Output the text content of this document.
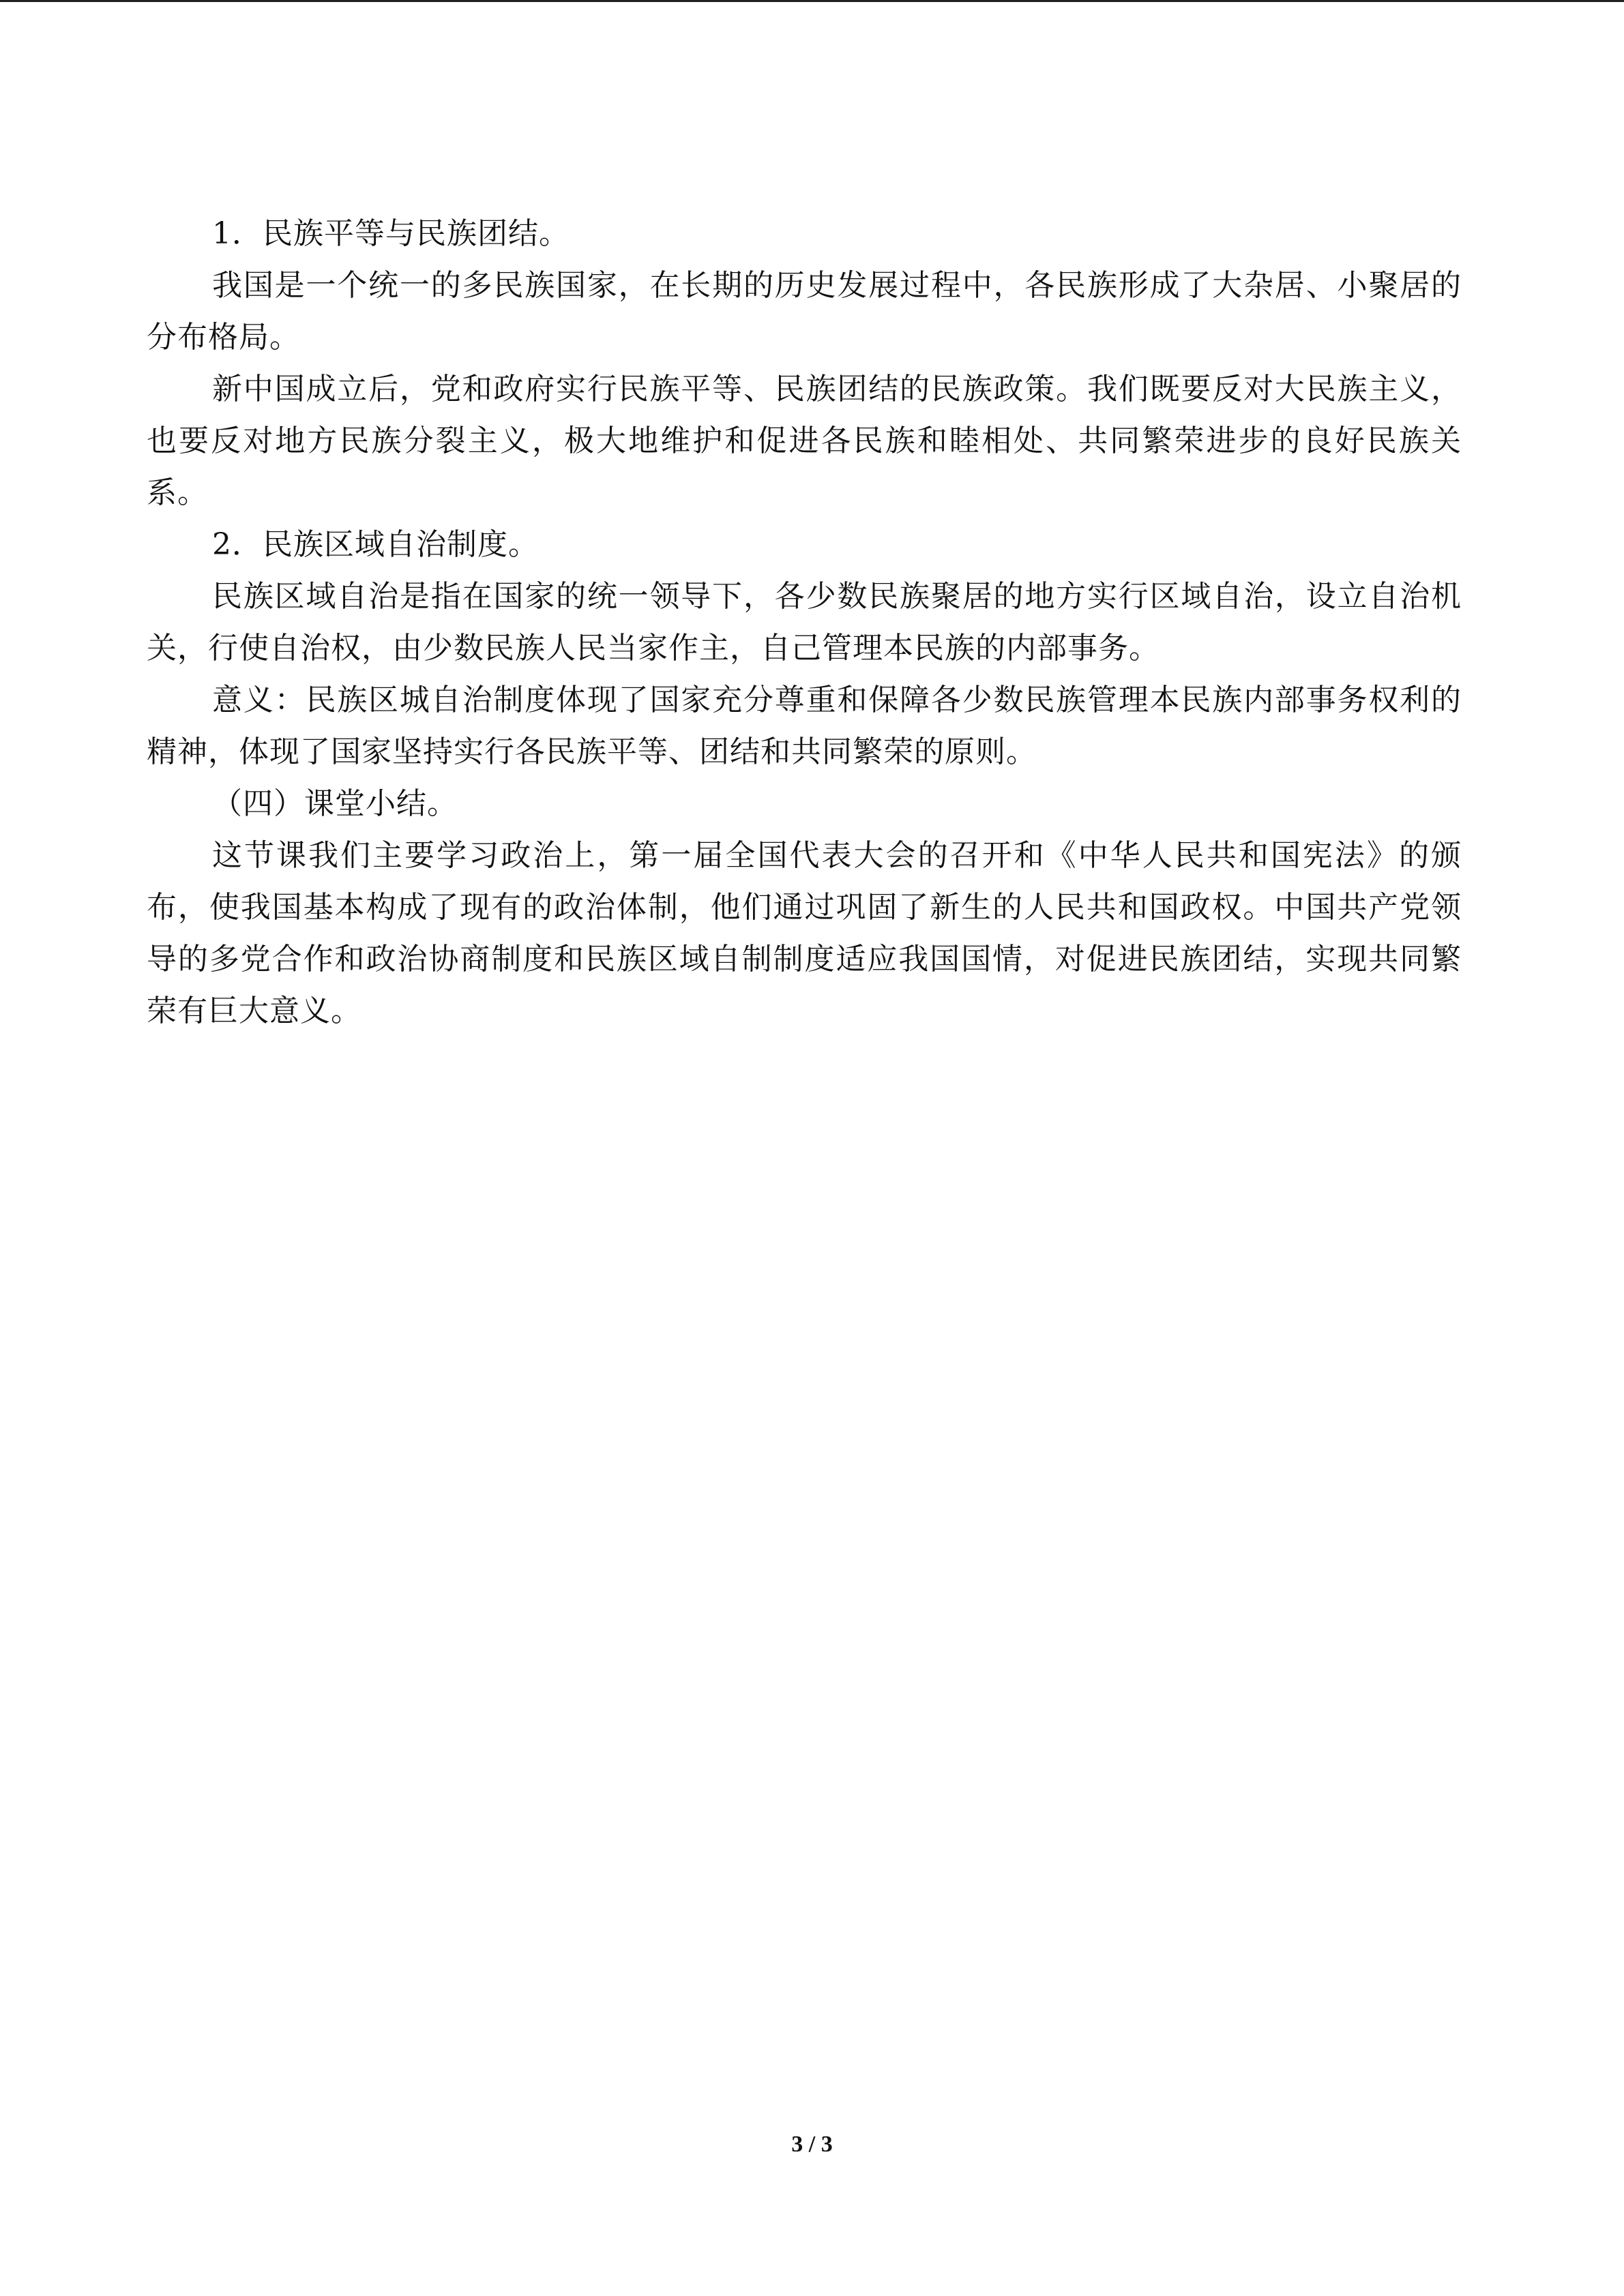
1．民族平等与民族团结。

我国是一个统一的多民族国家，在长期的历史发展过程中，各民族形成了大杂居、小聚居的分布格局。

新中国成立后，党和政府实行民族平等、民族团结的民族政策。我们既要反对大民族主义，也要反对地方民族分裂主义，极大地维护和促进各民族和睦相处、共同繁荣进步的良好民族关系。

2．民族区域自治制度。

民族区域自治是指在国家的统一领导下，各少数民族聚居的地方实行区域自治，设立自治机关，行使自治权，由少数民族人民当家作主，自己管理本民族的内部事务。

意义：民族区城自治制度体现了国家充分尊重和保障各少数民族管理本民族内部事务权利的精神，体现了国家坚持实行各民族平等、团结和共同繁荣的原则。

（四）课堂小结。

这节课我们主要学习政治上，第一届全国代表大会的召开和《中华人民共和国宪法》的颁布，使我国基本构成了现有的政治体制，他们通过巩固了新生的人民共和国政权。中国共产党领导的多党合作和政治协商制度和民族区域自制制度适应我国国情，对促进民族团结，实现共同繁荣有巨大意义。

3 / 3
